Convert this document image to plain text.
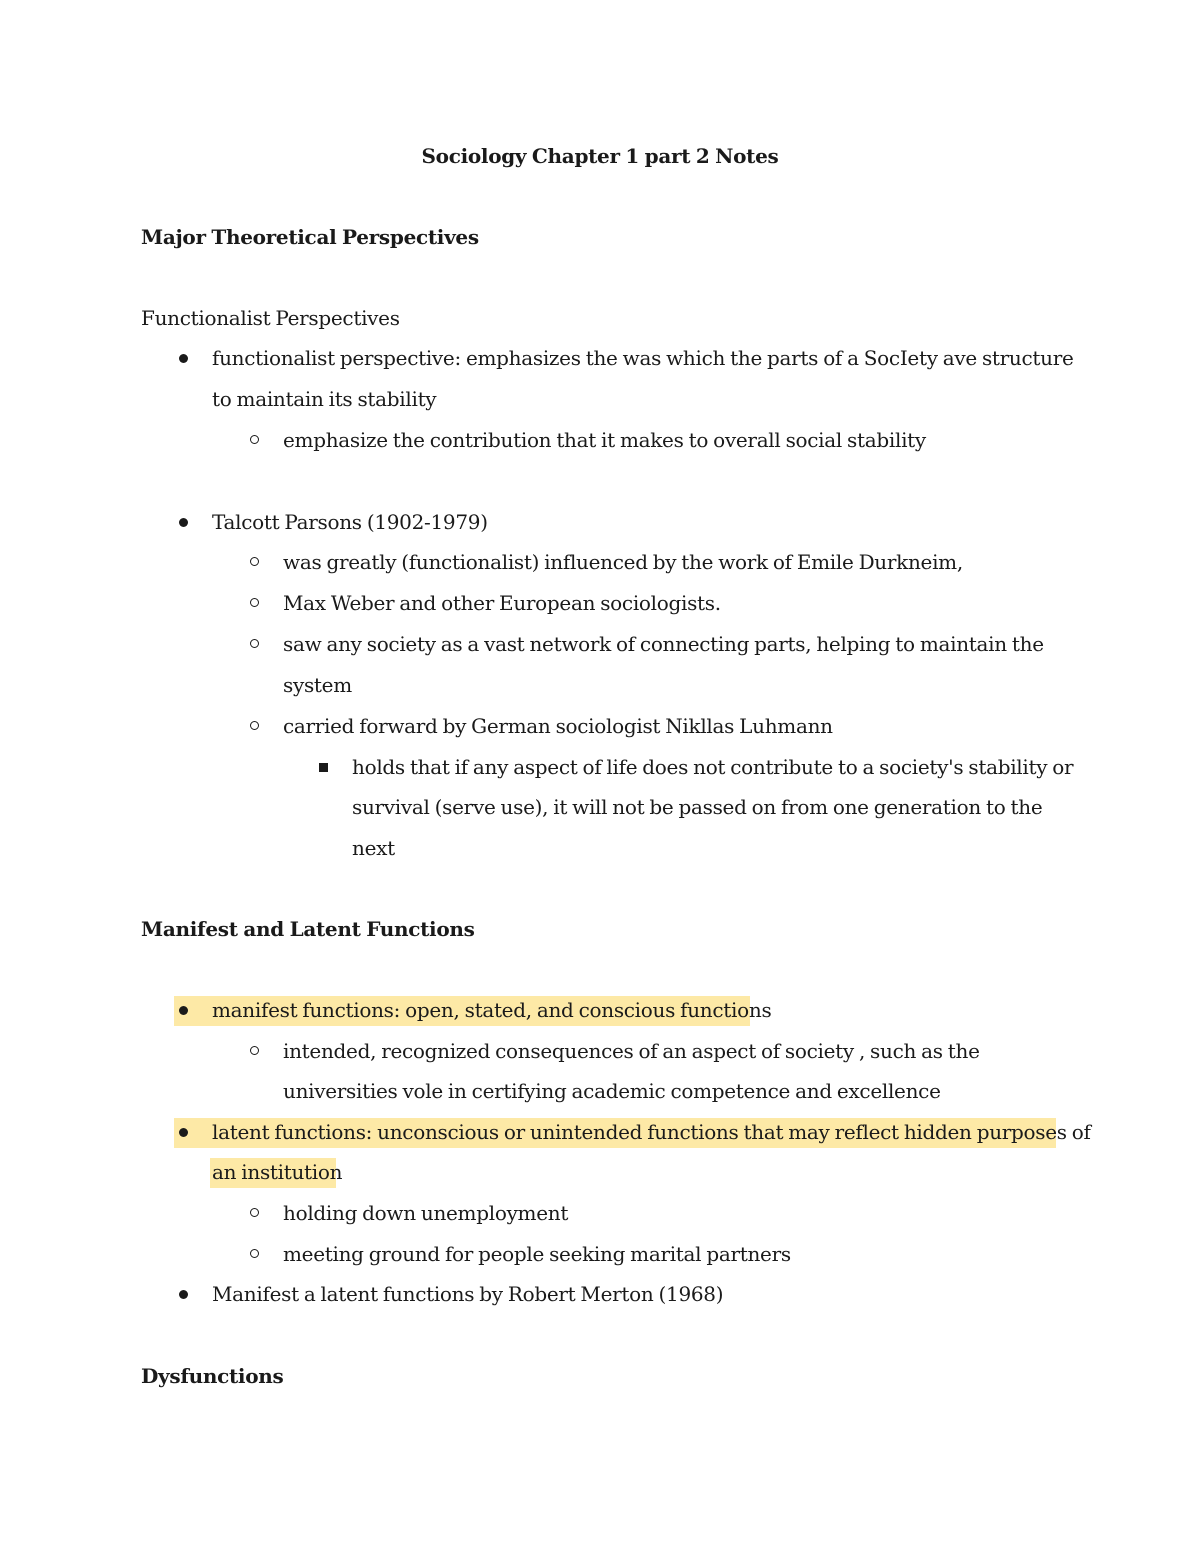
Sociology Chapter 1 part 2 Notes
Major Theoretical Perspectives
Functionalist Perspectives
functionalist perspective: emphasizes the was which the parts of a SocIety ave structure
to maintain its stability
emphasize the contribution that it makes to overall social stability
Talcott Parsons (1902-1979)
was greatly (functionalist) influenced by the work of Emile Durkneim,
Max Weber and other European sociologists.
saw any society as a vast network of connecting parts, helping to maintain the
system
carried forward by German sociologist Nikllas Luhmann
holds that if any aspect of life does not contribute to a society's stability or
survival (serve use), it will not be passed on from one generation to the
next
Manifest and Latent Functions
manifest functions: open, stated, and conscious functions
intended, recognized consequences of an aspect of society , such as the
universities vole in certifying academic competence and excellence
latent functions: unconscious or unintended functions that may reflect hidden purposes of
an institution
holding down unemployment
meeting ground for people seeking marital partners
Manifest a latent functions by Robert Merton (1968)
Dysfunctions
